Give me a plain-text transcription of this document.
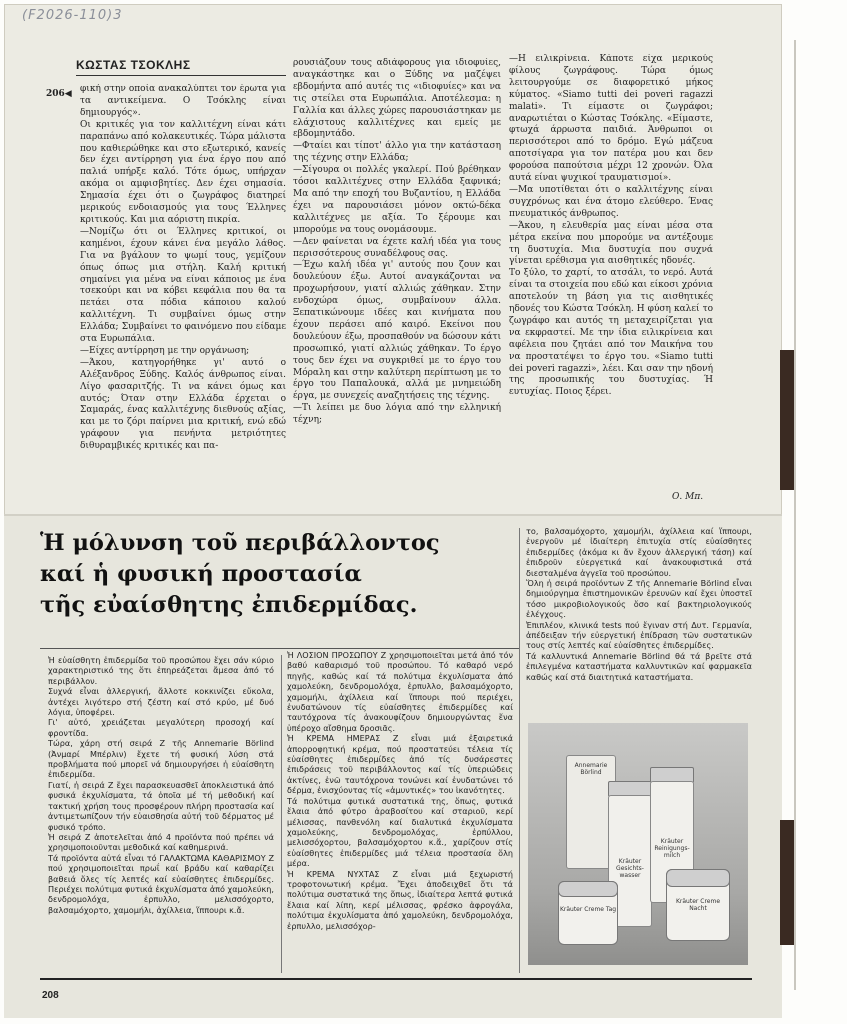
(F2026-110)3
ΚΩΣΤΑΣ ΤΣΟΚΛΗΣ
206◀ φική στην οποία ανακαλύπτει τον έρωτα για τα αντικείμενα. Ο Τσόκλης είναι δημιουργός».
Οι κριτικές για τον καλλιτέχνη είναι κάτι παραπάνω από κολακευτικές. Τώρα μάλιστα που καθιερώθηκε και στο εξωτερικό, κανείς δεν έχει αντίρρηση για ένα έργο που από παλιά υπήρξε καλό. Τότε όμως, υπήρχαν ακόμα οι αμφισβητίες. Δεν έχει σημασία. Σημασία έχει ότι ο ζωγράφος διατηρεί μερικούς ενδοιασμούς για τους Έλληνες κριτικούς. Και μια αόριστη πικρία.
—Νομίζω ότι οι Έλληνες κριτικοί, οι καημένοι, έχουν κάνει ένα μεγάλο λάθος. Για να βγάλουν το ψωμί τους, γεμίζουν όπως όπως μια στήλη. Καλή κριτική σημαίνει για μένα να είναι κάποιος με ένα τσεκούρι και να κόβει κεφάλια που θα τα πετάει στα πόδια κάποιου καλού καλλιτέχνη. Τι συμβαίνει όμως στην Ελλάδα; Συμβαίνει το φαινόμενο που είδαμε στα Ευρωπάλια.
—Είχες αντίρρηση με την οργάνωση;
—Άκου, κατηγορήθηκε γι' αυτό ο Αλέξανδρος Ξύδης. Καλός άνθρωπος είναι. Λίγο φασαριτζής. Τι να κάνει όμως και αυτός; Όταν στην Ελλάδα έρχεται ο Σαμαράς, ένας καλλιτέχνης διεθνούς αξίας, και με το ζόρι παίρνει μια κριτική, ενώ εδώ γράφουν για πενήντα μετριότητες διθυραμβικές κριτικές και πα-
ρουσιάζουν τους αδιάφορους για ιδιοφυίες, αναγκάστηκε και ο Ξύδης να μαζέψει εβδομήντα από αυτές τις «ιδιοφυίες» και να τις στείλει στα Ευρωπάλια. Αποτέλεσμα: η Γαλλία και άλλες χώρες παρουσιάστηκαν με ελάχιστους καλλιτέχνες και εμείς με εβδομηντάδο.
—Φταίει και τίποτ' άλλο για την κατάσταση της τέχνης στην Ελλάδα;
—Σίγουρα οι πολλές γκαλερί. Πού βρέθηκαν τόσοι καλλιτέχνες στην Ελλάδα ξαφνικά; Μα από την εποχή του Βυζαντίου, η Ελλάδα έχει να παρουσιάσει μόνον οκτώ-δέκα καλλιτέχνες με αξία. Το ξέρουμε και μπορούμε να τους ονομάσουμε.
—Δεν φαίνεται να έχετε καλή ιδέα για τους περισσότερους συναδέλφους σας.
—Έχω καλή ιδέα γι' αυτούς που ζουν και δουλεύουν έξω. Αυτοί αναγκάζονται να προχωρήσουν, γιατί αλλιώς χάθηκαν. Στην ενδοχώρα όμως, συμβαίνουν άλλα. Ξεπατικώνουμε ιδέες και κινήματα που έχουν περάσει από καιρό. Εκείνοι που δουλεύουν έξω, προσπαθούν να δώσουν κάτι προσωπικό, γιατί αλλιώς χάθηκαν. Το έργο τους δεν έχει να συγκριθεί με το έργο του Μόραλη και στην καλύτερη περίπτωση με το έργο του Παπαλουκά, αλλά με μνημειώδη έργα, με συνεχείς αναζητήσεις της τέχνης.
—Τι λείπει με δυο λόγια από την ελληνική τέχνη;
—Η ειλικρίνεια. Κάποτε είχα μερικούς φίλους ζωγράφους. Τώρα όμως λειτουργούμε σε διαφορετικό μήκος κύματος. «Siamo tutti dei poveri ragazzi malati». Τι είμαστε οι ζωγράφοι; αναρωτιέται ο Κώστας Τσόκλης. «Είμαστε, φτωχά άρρωστα παιδιά. Άνθρωποι οι περισσότεροι από το δρόμο. Εγώ μάζευα αποτσίγαρα για τον πατέρα μου και δεν φορούσα παπούτσια μέχρι 12 χρονών. Όλα αυτά είναι ψυχικοί τραυματισμοί».
—Μα υποτίθεται ότι ο καλλιτέχνης είναι συγχρόνως και ένα άτομο ελεύθερο. Ένας πνευματικός άνθρωπος.
—Άκου, η ελευθερία μας είναι μέσα στα μέτρα εκείνα που μπορούμε να αντέξουμε τη δυστυχία. Μια δυστυχία που συχνά γίνεται ερέθισμα για αισθητικές ηδονές.
Το ξύλο, το χαρτί, το ατσάλι, το νερό. Αυτά είναι τα στοιχεία που εδώ και είκοσι χρόνια αποτελούν τη βάση για τις αισθητικές ηδονές του Κώστα Τσόκλη. Η φύση καλεί το ζωγράφο και αυτός τη μεταχειρίζεται για να εκφραστεί. Με την ίδια ειλικρίνεια και αφέλεια που ζητάει από τον Μαικήνα του να προστατέψει το έργο του. «Siamo tutti dei poveri ragazzi», λέει. Και σαν την ηδονή της προσωπικής του δυστυχίας. Ή ευτυχίας. Ποιος ξέρει.
Ο. Μπ.
Ἡ μόλυνση τοῦ περιβάλλοντος
καί ἡ φυσική προστασία
τῆς εὐαίσθητης ἐπιδερμίδας.
Ἡ εὐαίσθητη ἐπιδερμίδα τοῦ προσώπου ἔχει σάν κύριο χαρακτηριστικό της ὅτι ἐπηρεάζεται ἄμεσα ἀπό τό περιβάλλον.
Συχνά εἶναι ἀλλεργική, ἄλλοτε κοκκινίζει εὔκολα, ἀντέχει λιγότερο στή ζέστη καί στό κρύο, μέ δυό λόγια, ὑποφέρει.
Γι' αὐτό, χρειάζεται μεγαλύτερη προσοχή καί φροντίδα.
Τώρα, χάρη στή σειρά Z τῆς Annemarie Börlind (Ἀνμαρί Μπέρλιν) ἔχετε τή φυσική λύση στά προβλήματα πού μπορεῖ νά δημιουργήσει ἡ εὐαίσθητη ἐπιδερμίδα.
Γιατί, ἡ σειρά Z ἔχει παρασκευασθεῖ ἀποκλειστικά ἀπό φυσικά ἐκχυλίσματα, τά ὁποῖα μέ τή μεθοδική καί τακτική χρήση τους προσφέρουν πλήρη προστασία καί ἀντιμετωπίζουν τήν εὐαισθησία αὐτή τοῦ δέρματος μέ φυσικό τρόπο.
Ἡ σειρά Z ἀποτελεῖται ἀπό 4 προϊόντα πού πρέπει νά χρησιμοποιοῦνται μεθοδικά καί καθημερινά.
Τά προϊόντα αὐτά εἶναι τό ΓΑΛΑΚΤΩΜΑ ΚΑΘΑΡΙΣΜΟΥ Z πού χρησιμοποιεῖται πρωΐ καί βράδυ καί καθαρίζει βαθειά ὅλες τίς λεπτές καί εὐαίσθητες ἐπιδερμίδες. Περιέχει πολύτιμα φυτικά ἐκχυλίσματα ἀπό χαμολεύκη, δενδρομολόχα, ἐρπυλλο, μελισσόχορτο, βαλσαμόχορτο, χαμομήλι, ἀχίλλεια, ἵππουρι κ.ἄ.
Ἡ ΛΟΣΙΟΝ ΠΡΟΣΩΠΟΥ Z χρησιμοποιεῖται μετά ἀπό τόν βαθύ καθαρισμό τοῦ προσώπου. Τό καθαρό νερό πηγῆς, καθώς καί τά πολύτιμα ἐκχυλίσματα ἀπό χαμολεύκη, δενδρομολόχα, ἐρπυλλο, βαλσαμόχορτο, χαμομήλι, ἀχίλλεια καί ἵππουρι πού περιέχει, ἐνυδατώνουν τίς εὐαίσθητες ἐπιδερμίδες καί ταυτόχρονα τίς ἀνακουφίζουν δημιουργώντας ἕνα ὑπέροχο αἴσθημα δροσιᾶς.
Ἡ ΚΡΕΜΑ ΗΜΕΡΑΣ Z εἶναι μιά ἐξαιρετικά ἀπορροφητική κρέμα, πού προστατεύει τέλεια τίς εὐαίσθητες ἐπιδερμίδες ἀπό τίς δυσάρεστες ἐπιδράσεις τοῦ περιβάλλοντος καί τίς ὑπεριώδεις ἀκτίνες, ἐνῶ ταυτόχρονα τονώνει καί ἐνυδατώνει τό δέρμα, ἐνισχύοντας τίς «ἀμυντικές» του ἱκανότητες.
Τά πολύτιμα φυτικά συστατικά της, ὅπως, φυτικά ἔλαια ἀπό φύτρο ἀραβοσίτου καί σταριοῦ, κερί μέλισσας, πανθενόλη καί διαλυτικά ἐκχυλίσματα χαμολεύκης, δενδρομολόχας, ἐρπύλλου, μελισσόχορτου, βαλσαμόχορτου κ.ἄ., χαρίζουν στίς εὐαίσθητες ἐπιδερμίδες μιά τέλεια προστασία ὅλη μέρα.
Ἡ ΚΡΕΜΑ ΝΥΧΤΑΣ Z εἶναι μιά ξεχωριστή τροφοτονωτική κρέμα. Ἔχει ἀποδειχθεῖ ὅτι τά πολύτιμα συστατικά της ὅπως, ἰδιαίτερα λεπτά φυτικά ἔλαια καί λίπη, κερί μέλισσας, φρέσκο ἀφρογάλα, πολύτιμα ἐκχυλίσματα ἀπό χαμολεύκη, δενδρομολόχα, ἐρπυλλο, μελισσόχορ-
το, βαλσαμόχορτο, χαμομήλι, ἀχίλλεια καί ἵππουρι, ἐνεργοῦν μέ ἰδιαίτερη ἐπιτυχία στίς εὐαίσθητες ἐπιδερμίδες (ἀκόμα κι ἄν ἔχουν ἀλλεργική τάση) καί ἐπιδροῦν εὐεργετικά καί ἀνακουφιστικά στά διεσταλμένα ἀγγεῖα τοῦ προσώπου.
Ὅλη ἡ σειρά προϊόντων Z τῆς Annemarie Börlind εἶναι δημιούργημα ἐπιστημονικῶν ἐρευνῶν καί ἔχει ὑποστεῖ τόσο μικροβιολογικούς ὅσο καί βακτηριολογικούς ἐλέγχους.
Ἐπιπλέον, κλινικά tests πού ἔγιναν στή Δυτ. Γερμανία, ἀπέδειξαν τήν εὐεργετική ἐπίδραση τῶν συστατικῶν τους στίς λεπτές καί εὐαίσθητες ἐπιδερμίδες.
Τά καλλυντικά Annemarie Börlind θά τά βρεῖτε στά ἐπιλεγμένα καταστήματα καλλυντικῶν καί φαρμακεῖα καθώς καί στά διαιτητικά καταστήματα.
Annemarie Börlind
Kräuter Gesichts-wasser
Kräuter Reinigungs-milch
Kräuter Creme Tag
Kräuter Creme Nacht
208
